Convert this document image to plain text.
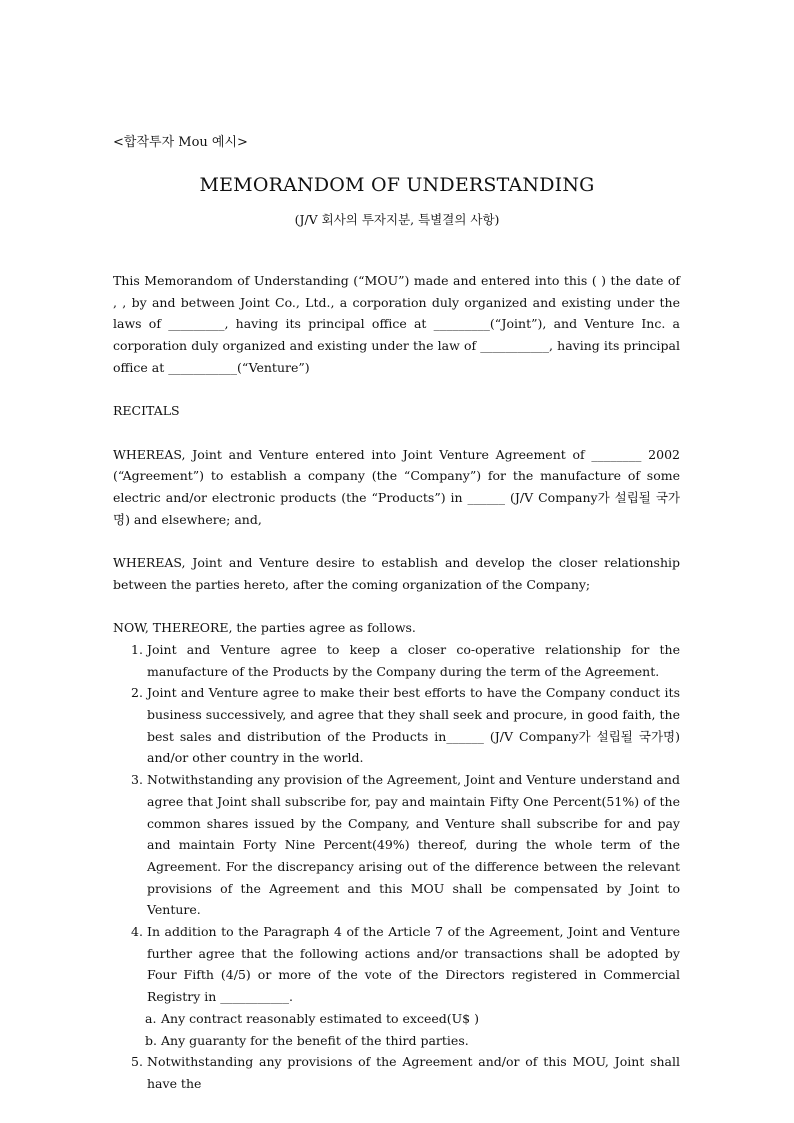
<합작투자 Mou 예시>
MEMORANDOM OF UNDERSTANDING
(J/V 회사의 투자지분, 특별결의 사항)

This Memorandom of Understanding (“MOU”) made and entered into this ( ) the date of , , by and between Joint Co., Ltd., a corporation duly organized and existing under the laws of _________, having its principal office at _________(“Joint”), and Venture Inc. a corporation duly organized and existing under the law of ___________, having its principal office at ___________(“Venture”)

RECITALS

WHEREAS, Joint and Venture entered into Joint Venture Agreement of ________ 2002 (“Agreement”) to establish a company (the “Company”) for the manufacture of some electric and/or electronic products (the “Products”) in ______ (J/V Company가 설립될 국가명) and elsewhere; and,

WHEREAS, Joint and Venture desire to establish and develop the closer relationship between the parties hereto, after the coming organization of the Company;

NOW, THEREORE, the parties agree as follows.

1. Joint and Venture agree to keep a closer co-operative relationship for the manufacture of the Products by the Company during the term of the Agreement.
2. Joint and Venture agree to make their best efforts to have the Company conduct its business successively, and agree that they shall seek and procure, in good faith, the best sales and distribution of the Products in______ (J/V Company가 설립될 국가명) and/or other country in the world.
3. Notwithstanding any provision of the Agreement, Joint and Venture understand and agree that Joint shall subscribe for, pay and maintain Fifty One Percent(51%) of the common shares issued by the Company, and Venture shall subscribe for and pay and maintain Forty Nine Percent(49%) thereof, during the whole term of the Agreement. For the discrepancy arising out of the difference between the relevant provisions of the Agreement and this MOU shall be compensated by Joint to Venture.
4. In addition to the Paragraph 4 of the Article 7 of the Agreement, Joint and Venture further agree that the following actions and/or transactions shall be adopted by Four Fifth (4/5) or more of the vote of the Directors registered in Commercial Registry in ___________.
a. Any contract reasonably estimated to exceed(U$ )
b. Any guaranty for the benefit of the third parties.
5. Notwithstanding any provisions of the Agreement and/or of this MOU, Joint shall have the
